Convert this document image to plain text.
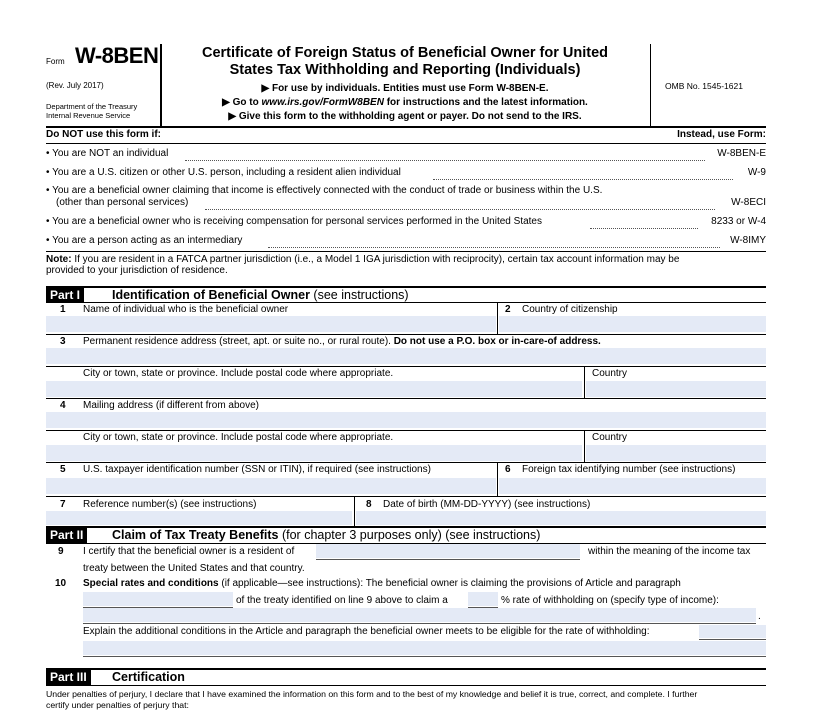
Form W-8BEN
(Rev. July 2017)
Department of the Treasury
Internal Revenue Service
Certificate of Foreign Status of Beneficial Owner for United
States Tax Withholding and Reporting (Individuals)
▶ For use by individuals. Entities must use Form W-8BEN-E.
▶ Go to www.irs.gov/FormW8BEN for instructions and the latest information.
▶ Give this form to the withholding agent or payer. Do not send to the IRS.
OMB No. 1545-1621
Do NOT use this form if:	Instead, use Form:
• You are NOT an individual	W-8BEN-E
• You are a U.S. citizen or other U.S. person, including a resident alien individual	W-9
• You are a beneficial owner claiming that income is effectively connected with the conduct of trade or business within the U.S.
(other than personal services)	W-8ECI
• You are a beneficial owner who is receiving compensation for personal services performed in the United States	8233 or W-4
• You are a person acting as an intermediary	W-8IMY
Note: If you are resident in a FATCA partner jurisdiction (i.e., a Model 1 IGA jurisdiction with reciprocity), certain tax account information may be
provided to your jurisdiction of residence.
Part I	Identification of Beneficial Owner (see instructions)
1 Name of individual who is the beneficial owner	2 Country of citizenship
3 Permanent residence address (street, apt. or suite no., or rural route). Do not use a P.O. box or in-care-of address.
City or town, state or province. Include postal code where appropriate.	Country
4 Mailing address (if different from above)
City or town, state or province. Include postal code where appropriate.	Country
5 U.S. taxpayer identification number (SSN or ITIN), if required (see instructions)	6 Foreign tax identifying number (see instructions)
7 Reference number(s) (see instructions)	8 Date of birth (MM-DD-YYYY) (see instructions)
Part II	Claim of Tax Treaty Benefits (for chapter 3 purposes only) (see instructions)
9 I certify that the beneficial owner is a resident of	within the meaning of the income tax
treaty between the United States and that country.
10 Special rates and conditions (if applicable—see instructions): The beneficial owner is claiming the provisions of Article and paragraph
of the treaty identified on line 9 above to claim a	% rate of withholding on (specify type of income):
.
Explain the additional conditions in the Article and paragraph the beneficial owner meets to be eligible for the rate of withholding:
Part III	Certification
Under penalties of perjury, I declare that I have examined the information on this form and to the best of my knowledge and belief it is true, correct, and complete. I further
certify under penalties of perjury that:
